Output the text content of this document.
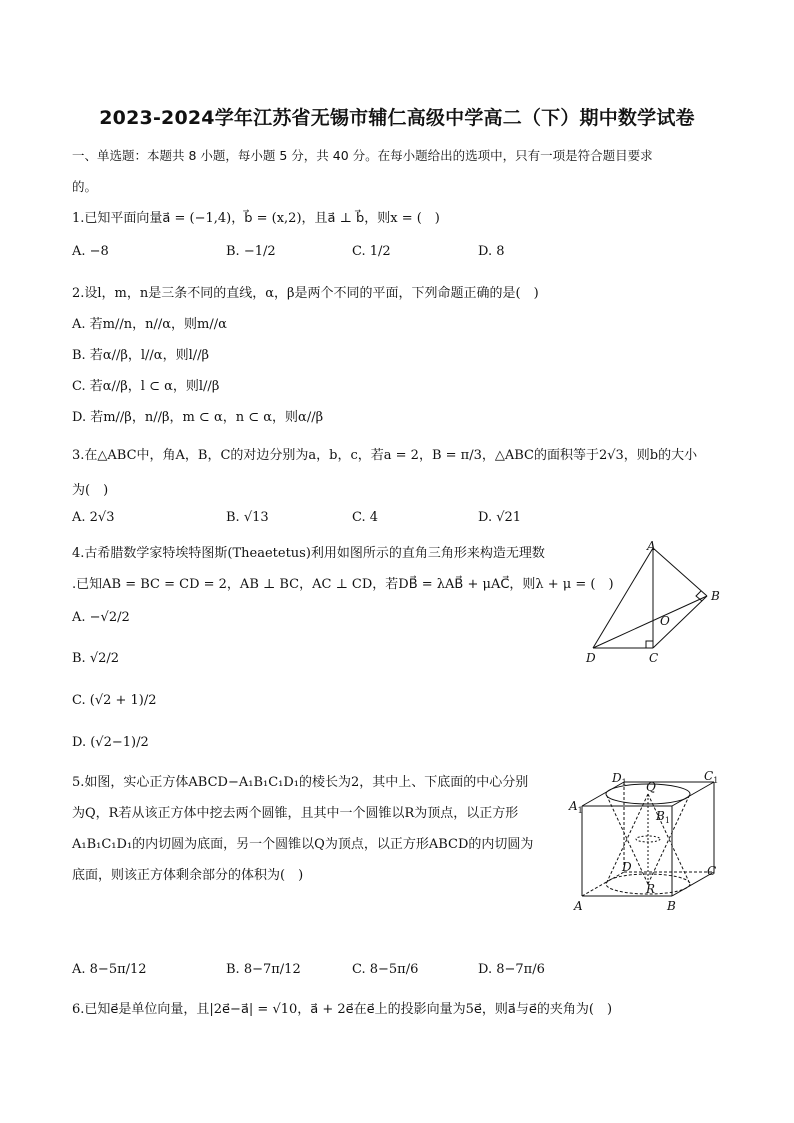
2023-2024学年江苏省无锡市辅仁高级中学高二（下）期中数学试卷
一、单选题：本题共 8 小题，每小题 5 分，共 40 分。在每小题给出的选项中，只有一项是符合题目要求
的。
1.已知平面向量a⃗ = (−1,4)，b⃗ = (x,2)，且a⃗ ⊥ b⃗，则x = (　)
A. −8	B. −1/2	C. 1/2	D. 8
2.设l，m，n是三条不同的直线，α，β是两个不同的平面，下列命题正确的是(　)
A. 若m//n，n//α，则m//α
B. 若α//β，l//α，则l//β
C. 若α//β，l ⊂ α，则l//β
D. 若m//β，n//β，m ⊂ α，n ⊂ α，则α//β
3.在△ABC中，角A，B，C的对边分别为a，b，c，若a = 2，B = π/3，△ABC的面积等于2√3，则b的大小
为(　)
A. 2√3	B. √13	C. 4	D. √21
4.古希腊数学家特埃特图斯(Theaetetus)利用如图所示的直角三角形来构造无理数
.已知AB = BC = CD = 2，AB ⊥ BC，AC ⊥ CD，若DB⃗ = λAB⃗ + μAC⃗，则λ + μ = (　)
A. −√2/2
B. √2/2
C. (√2 + 1)/2
D. (√2−1)/2
A
B
O
D	C
5.如图，实心正方体ABCD−A₁B₁C₁D₁的棱长为2，其中上、下底面的中心分别
为Q，R若从该正方体中挖去两个圆锥，且其中一个圆锥以R为顶点，以正方形
A₁B₁C₁D₁的内切圆为底面，另一个圆锥以Q为顶点，以正方形ABCD的内切圆为
底面，则该正方体剩余部分的体积为(　)
$D_1$	$C_1$
$A_1$
Q
$B_1$
D	C
R
A	B
A. 8−5π/12	B. 8−7π/12	C. 8−5π/6	D. 8−7π/6
6.已知e⃗是单位向量，且|2e⃗−a⃗| = √10，a⃗ + 2e⃗在e⃗上的投影向量为5e⃗，则a⃗与e⃗的夹角为(　)
